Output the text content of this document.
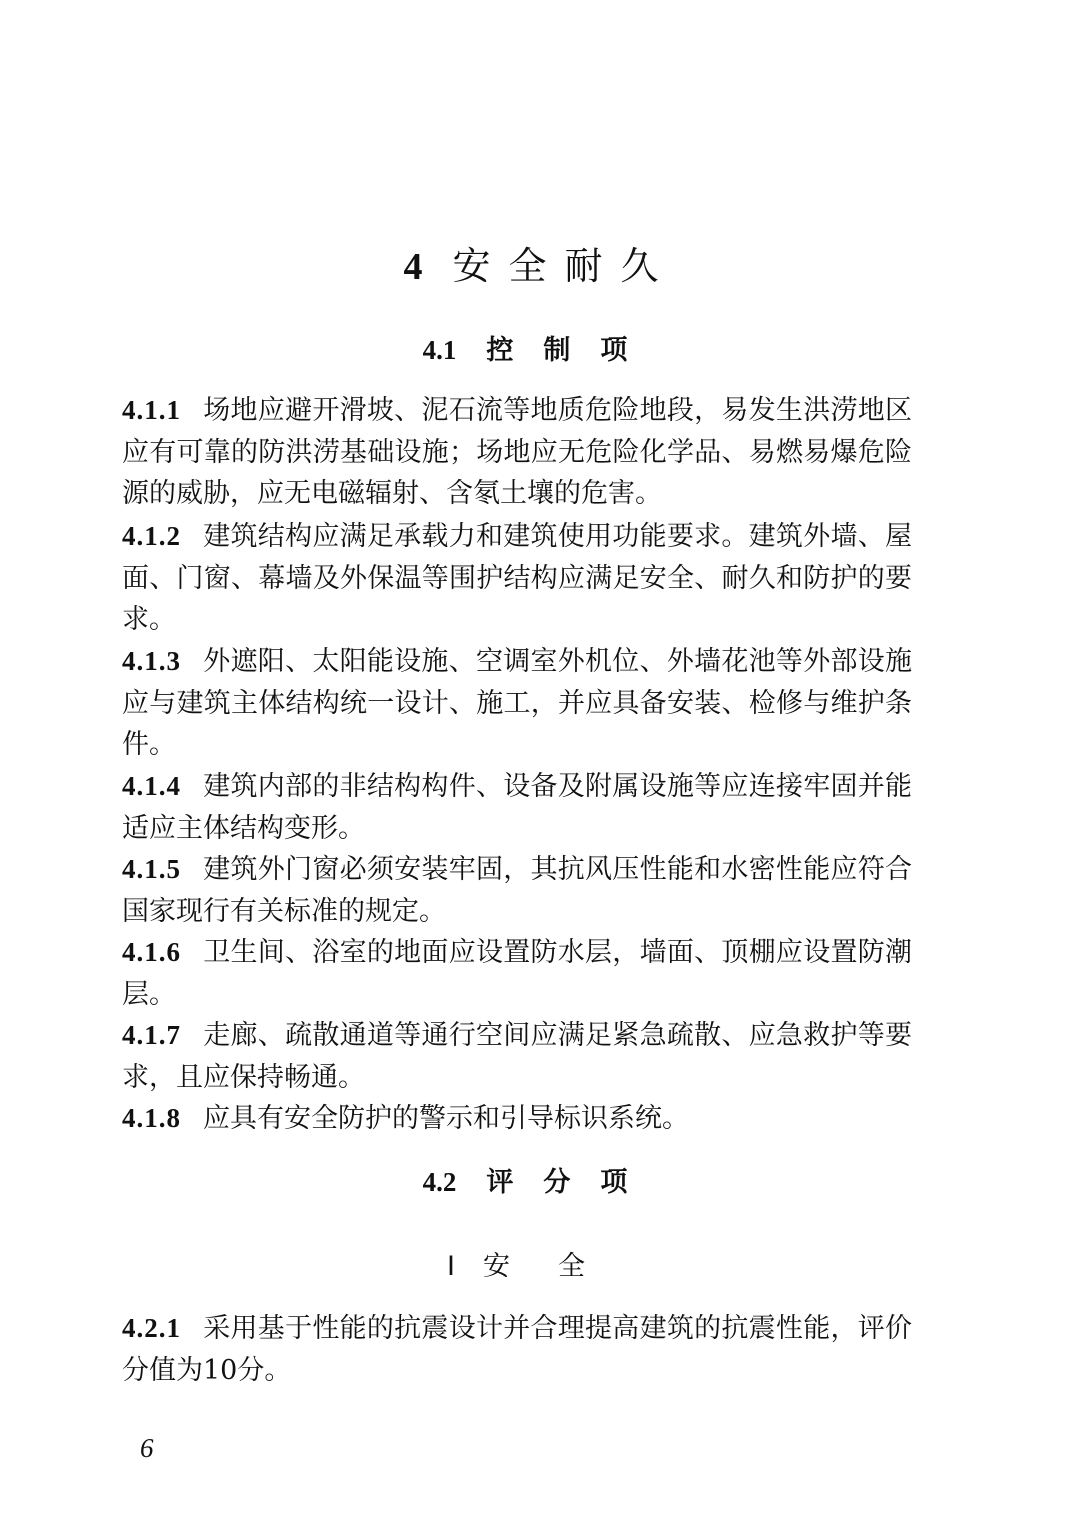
4 安全耐久
4.1 控制项
4.1.1 场地应避开滑坡、泥石流等地质危险地段，易发生洪涝地区应有可靠的防洪涝基础设施；场地应无危险化学品、易燃易爆危险源的威胁，应无电磁辐射、含氡土壤的危害。
4.1.2 建筑结构应满足承载力和建筑使用功能要求。建筑外墙、屋面、门窗、幕墙及外保温等围护结构应满足安全、耐久和防护的要求。
4.1.3 外遮阳、太阳能设施、空调室外机位、外墙花池等外部设施应与建筑主体结构统一设计、施工，并应具备安装、检修与维护条件。
4.1.4 建筑内部的非结构构件、设备及附属设施等应连接牢固并能适应主体结构变形。
4.1.5 建筑外门窗必须安装牢固，其抗风压性能和水密性能应符合国家现行有关标准的规定。
4.1.6 卫生间、浴室的地面应设置防水层，墙面、顶棚应设置防潮层。
4.1.7 走廊、疏散通道等通行空间应满足紧急疏散、应急救护等要求，且应保持畅通。
4.1.8 应具有安全防护的警示和引导标识系统。
4.2 评分项
Ⅰ 安全
4.2.1 采用基于性能的抗震设计并合理提高建筑的抗震性能，评价分值为10分。
6
